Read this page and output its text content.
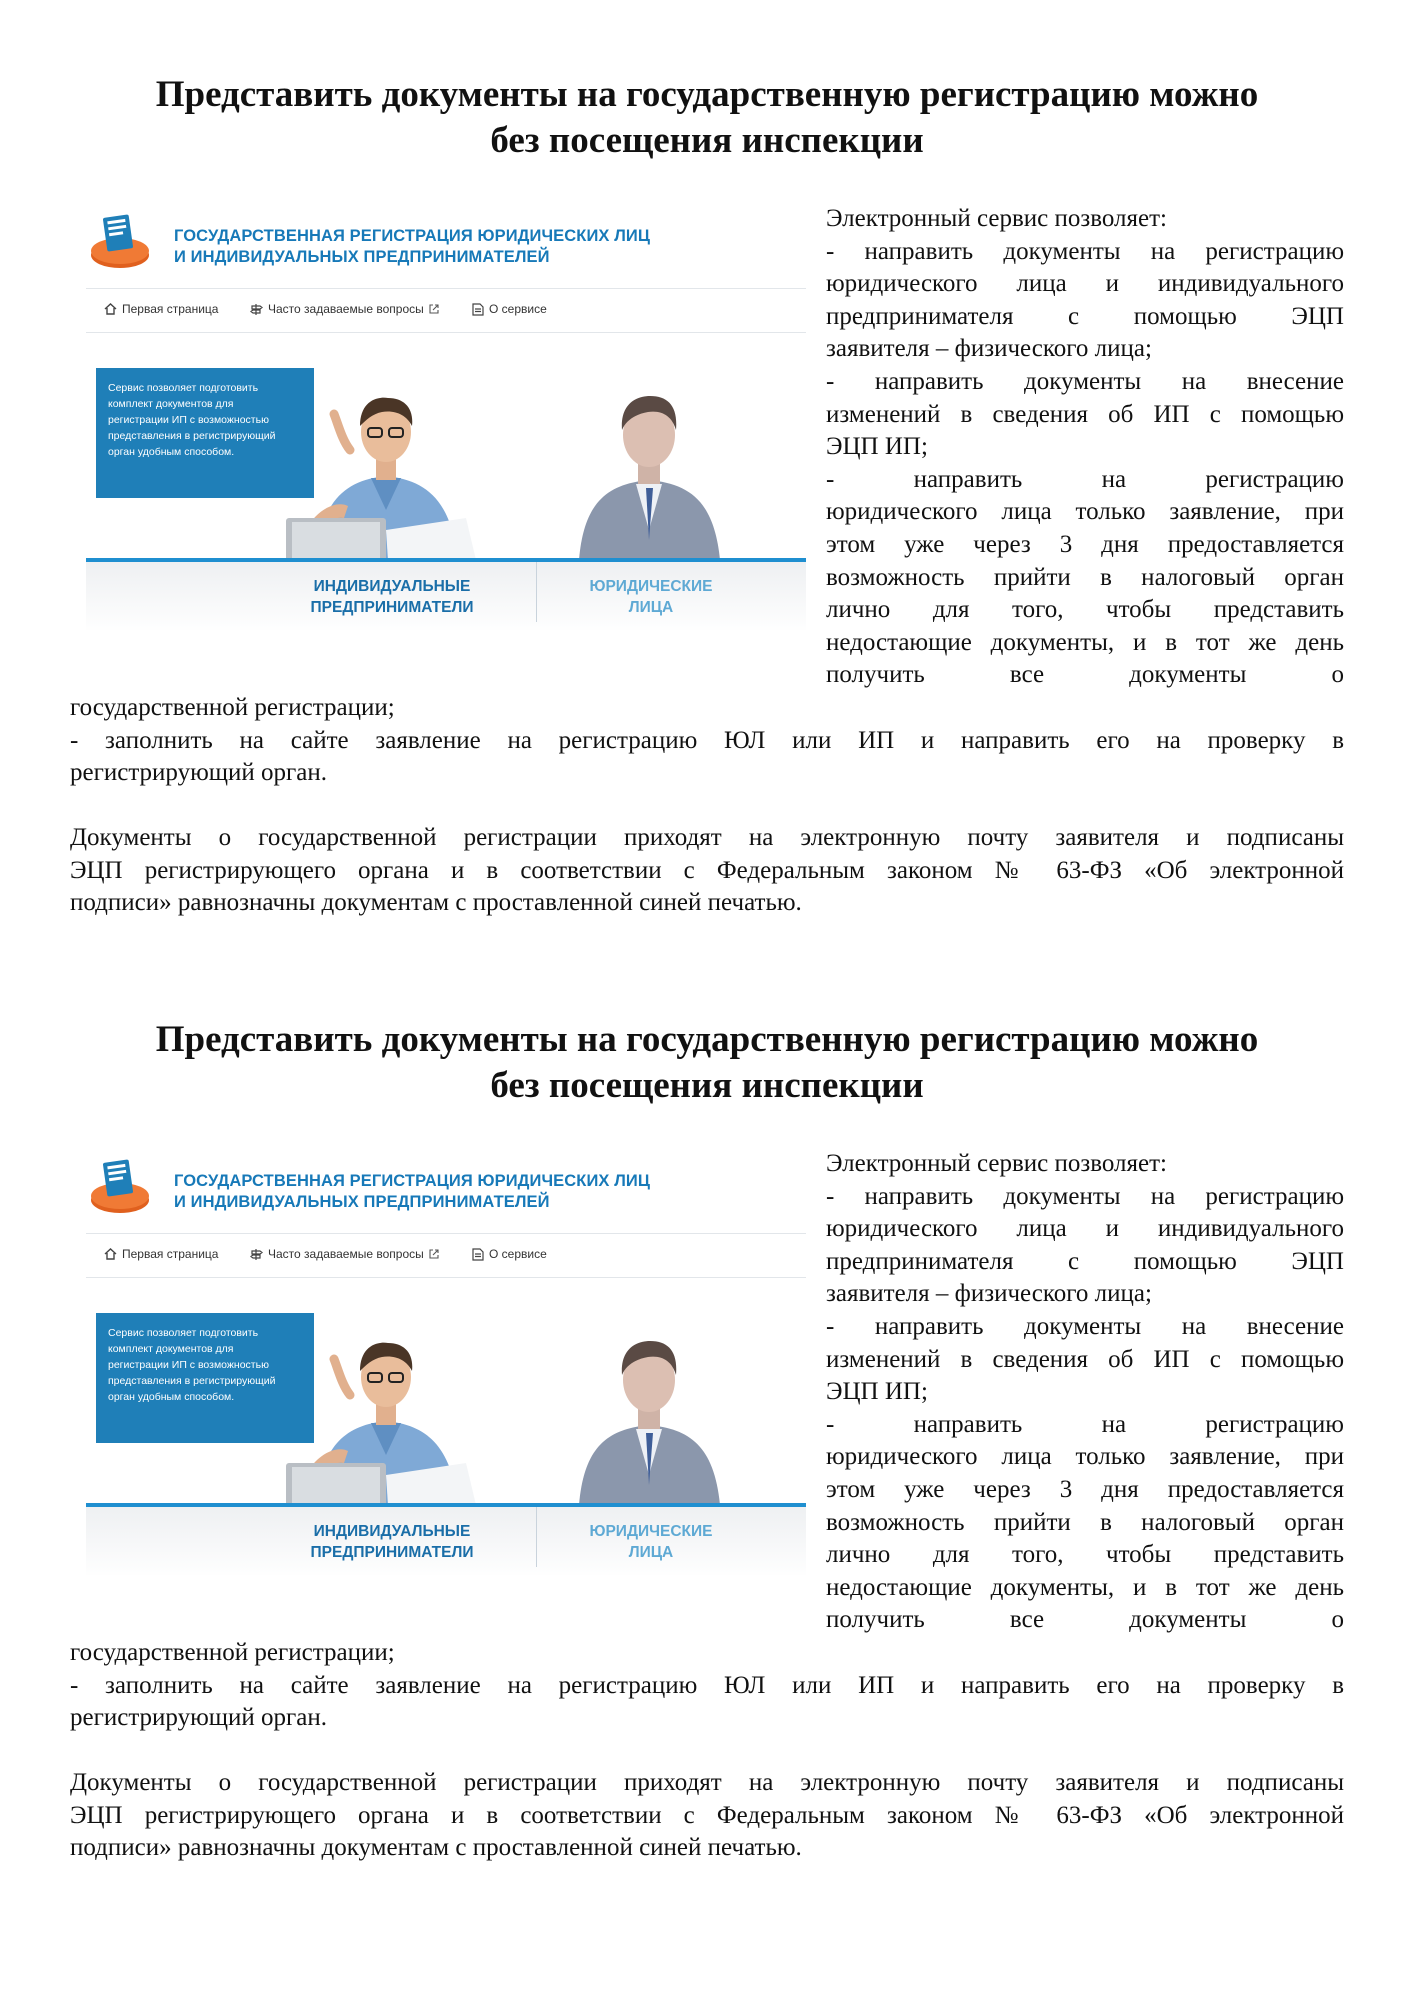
Представить документы на государственную регистрацию можно
без посещения инспекции
ГОСУДАРСТВЕННАЯ РЕГИСТРАЦИЯ ЮРИДИЧЕСКИХ ЛИЦ
И ИНДИВИДУАЛЬНЫХ ПРЕДПРИНИМАТЕЛЕЙ
Первая страница	Часто задаваемые вопросы	О сервисе
Сервис позволяет подготовить
комплект документов для
регистрации ИП с возможностью
представления в регистрирующий
орган удобным способом.
ИНДИВИДУАЛЬНЫЕ
ПРЕДПРИНИМАТЕЛИ
ЮРИДИЧЕСКИЕ
ЛИЦА

Электронный сервис позволяет:
- направить документы на регистрацию
юридического лица и индивидуального
предпринимателя с помощью ЭЦП
заявителя – физического лица;
- направить документы на внесение
изменений в сведения об ИП с помощью
ЭЦП ИП;
- направить на регистрацию
юридического лица только заявление, при
этом уже через 3 дня предоставляется
возможность прийти в налоговый орган
лично для того, чтобы представить
недостающие документы, и в тот же день
получить все документы о

государственной регистрации;
- заполнить на сайте заявление на регистрацию ЮЛ или ИП и направить его на проверку в
регистрирующий орган.

Документы о государственной регистрации приходят на электронную почту заявителя и подписаны
ЭЦП регистрирующего органа и в соответствии с Федеральным законом № 63-ФЗ «Об электронной
подписи» равнозначны документам с проставленной синей печатью.

Представить документы на государственную регистрацию можно
без посещения инспекции
ГОСУДАРСТВЕННАЯ РЕГИСТРАЦИЯ ЮРИДИЧЕСКИХ ЛИЦ
И ИНДИВИДУАЛЬНЫХ ПРЕДПРИНИМАТЕЛЕЙ
Первая страница	Часто задаваемые вопросы	О сервисе
Сервис позволяет подготовить
комплект документов для
регистрации ИП с возможностью
представления в регистрирующий
орган удобным способом.
ИНДИВИДУАЛЬНЫЕ
ПРЕДПРИНИМАТЕЛИ
ЮРИДИЧЕСКИЕ
ЛИЦА

Электронный сервис позволяет:
- направить документы на регистрацию
юридического лица и индивидуального
предпринимателя с помощью ЭЦП
заявителя – физического лица;
- направить документы на внесение
изменений в сведения об ИП с помощью
ЭЦП ИП;
- направить на регистрацию
юридического лица только заявление, при
этом уже через 3 дня предоставляется
возможность прийти в налоговый орган
лично для того, чтобы представить
недостающие документы, и в тот же день
получить все документы о

государственной регистрации;
- заполнить на сайте заявление на регистрацию ЮЛ или ИП и направить его на проверку в
регистрирующий орган.

Документы о государственной регистрации приходят на электронную почту заявителя и подписаны
ЭЦП регистрирующего органа и в соответствии с Федеральным законом № 63-ФЗ «Об электронной
подписи» равнозначны документам с проставленной синей печатью.
